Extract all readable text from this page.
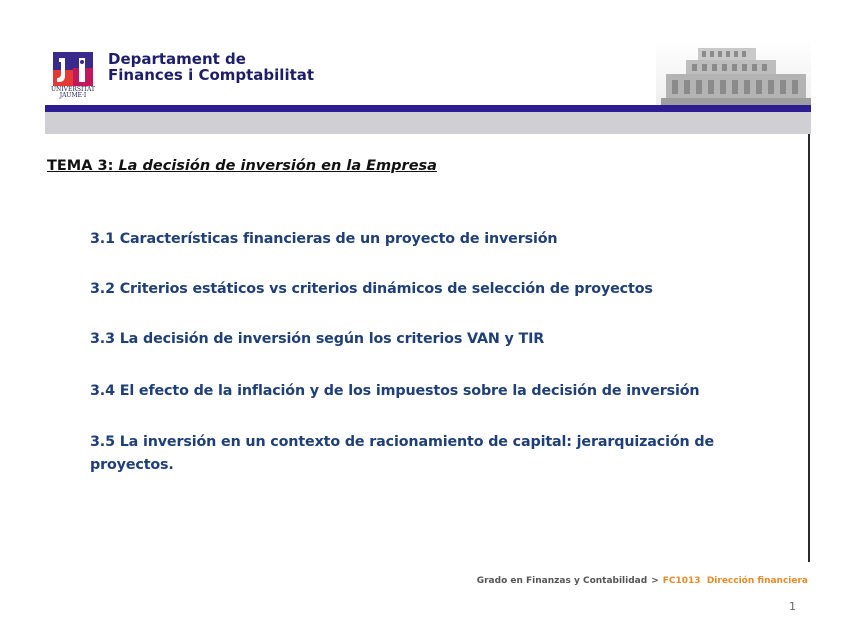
UNIVERSITAT
JAUME·I
Departament de
Finances i Comptabilitat
TEMA 3: La decisión de inversión en la Empresa
3.1 Características financieras de un proyecto de inversión
3.2 Criterios estáticos vs criterios dinámicos de selección de proyectos
3.3 La decisión de inversión según los criterios VAN y TIR
3.4 El efecto de la inflación y de los impuestos sobre la decisión de inversión
3.5 La inversión en un contexto de racionamiento de capital: jerarquización de proyectos.
Grado en Finanzas y Contabilidad > FC1013 Dirección financiera
1
